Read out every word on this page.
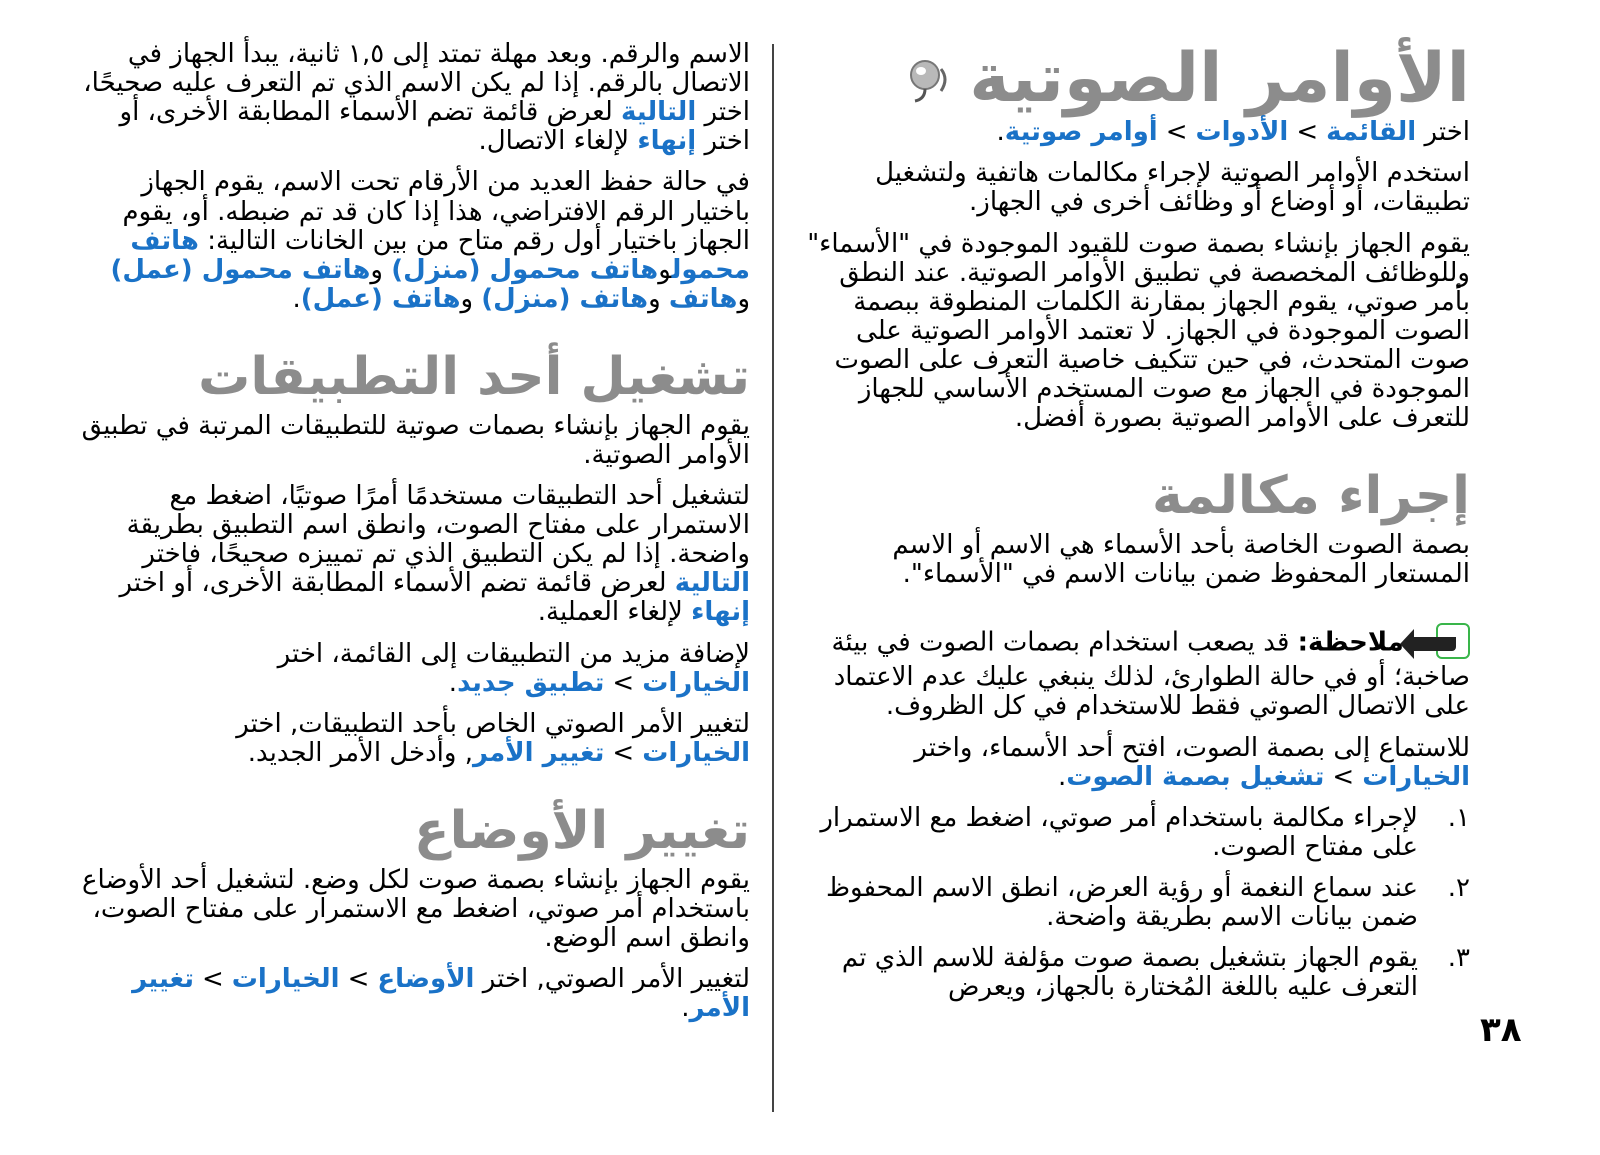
الأوامر الصوتية

اختر القائمة>الأدوات>أوامر صوتية.

استخدم الأوامر الصوتية لإجراء مكالمات هاتفية ولتشغيل تطبيقات، أو أوضاع أو وظائف أخرى في الجهاز.

يقوم الجهاز بإنشاء بصمة صوت للقيود الموجودة في "الأسماء" وللوظائف المخصصة في تطبيق الأوامر الصوتية. عند النطق بأمر صوتي، يقوم الجهاز بمقارنة الكلمات المنطوقة ببصمة الصوت الموجودة في الجهاز. لا تعتمد الأوامر الصوتية على صوت المتحدث، في حين تتكيف خاصية التعرف على الصوت الموجودة في الجهاز مع صوت المستخدم الأساسي للجهاز للتعرف على الأوامر الصوتية بصورة أفضل.

إجراء مكالمة

بصمة الصوت الخاصة بأحد الأسماء هي الاسم أو الاسم المستعار المحفوظ ضمن بيانات الاسم في "الأسماء".

ملاحظة: قد يصعب استخدام بصمات الصوت في بيئة صاخبة؛ أو في حالة الطوارئ، لذلك ينبغي عليك عدم الاعتماد على الاتصال الصوتي فقط للاستخدام في كل الظروف.

للاستماع إلى بصمة الصوت، افتح أحد الأسماء، واختر الخيارات>تشغيل بصمة الصوت.

١.
لإجراء مكالمة باستخدام أمر صوتي، اضغط مع الاستمرار على مفتاح الصوت.
٢.
عند سماع النغمة أو رؤية العرض، انطق الاسم المحفوظ ضمن بيانات الاسم بطريقة واضحة.
٣.
يقوم الجهاز بتشغيل بصمة صوت مؤلفة للاسم الذي تم التعرف عليه باللغة المُختارة بالجهاز، ويعرض

الاسم والرقم. وبعد مهلة تمتد إلى ١,٥ ثانية، يبدأ الجهاز في الاتصال بالرقم. إذا لم يكن الاسم الذي تم التعرف عليه صحيحًا، اختر التالية لعرض قائمة تضم الأسماء المطابقة الأخرى، أو اختر إنهاء لإلغاء الاتصال.

في حالة حفظ العديد من الأرقام تحت الاسم، يقوم الجهاز باختيار الرقم الافتراضي، هذا إذا كان قد تم ضبطه. أو، يقوم الجهاز باختيار أول رقم متاح من بين الخانات التالية: هاتف محمولوهاتف محمول (منزل) وهاتف محمول (عمل) وهاتف وهاتف (منزل) وهاتف (عمل).

تشغيل أحد التطبيقات

يقوم الجهاز بإنشاء بصمات صوتية للتطبيقات المرتبة في تطبيق الأوامر الصوتية.

لتشغيل أحد التطبيقات مستخدمًا أمرًا صوتيًا، اضغط مع الاستمرار على مفتاح الصوت، وانطق اسم التطبيق بطريقة واضحة. إذا لم يكن التطبيق الذي تم تمييزه صحيحًا، فاختر التالية لعرض قائمة تضم الأسماء المطابقة الأخرى، أو اختر إنهاء لإلغاء العملية.

لإضافة مزيد من التطبيقات إلى القائمة، اختر الخيارات>تطبيق جديد.

لتغيير الأمر الصوتي الخاص بأحد التطبيقات, اختر الخيارات>تغيير الأمر, وأدخل الأمر الجديد.

تغيير الأوضاع

يقوم الجهاز بإنشاء بصمة صوت لكل وضع. لتشغيل أحد الأوضاع باستخدام أمر صوتي، اضغط مع الاستمرار على مفتاح الصوت، وانطق اسم الوضع.

لتغيير الأمر الصوتي, اختر الأوضاع>الخيارات>تغيير الأمر.

٣٨
